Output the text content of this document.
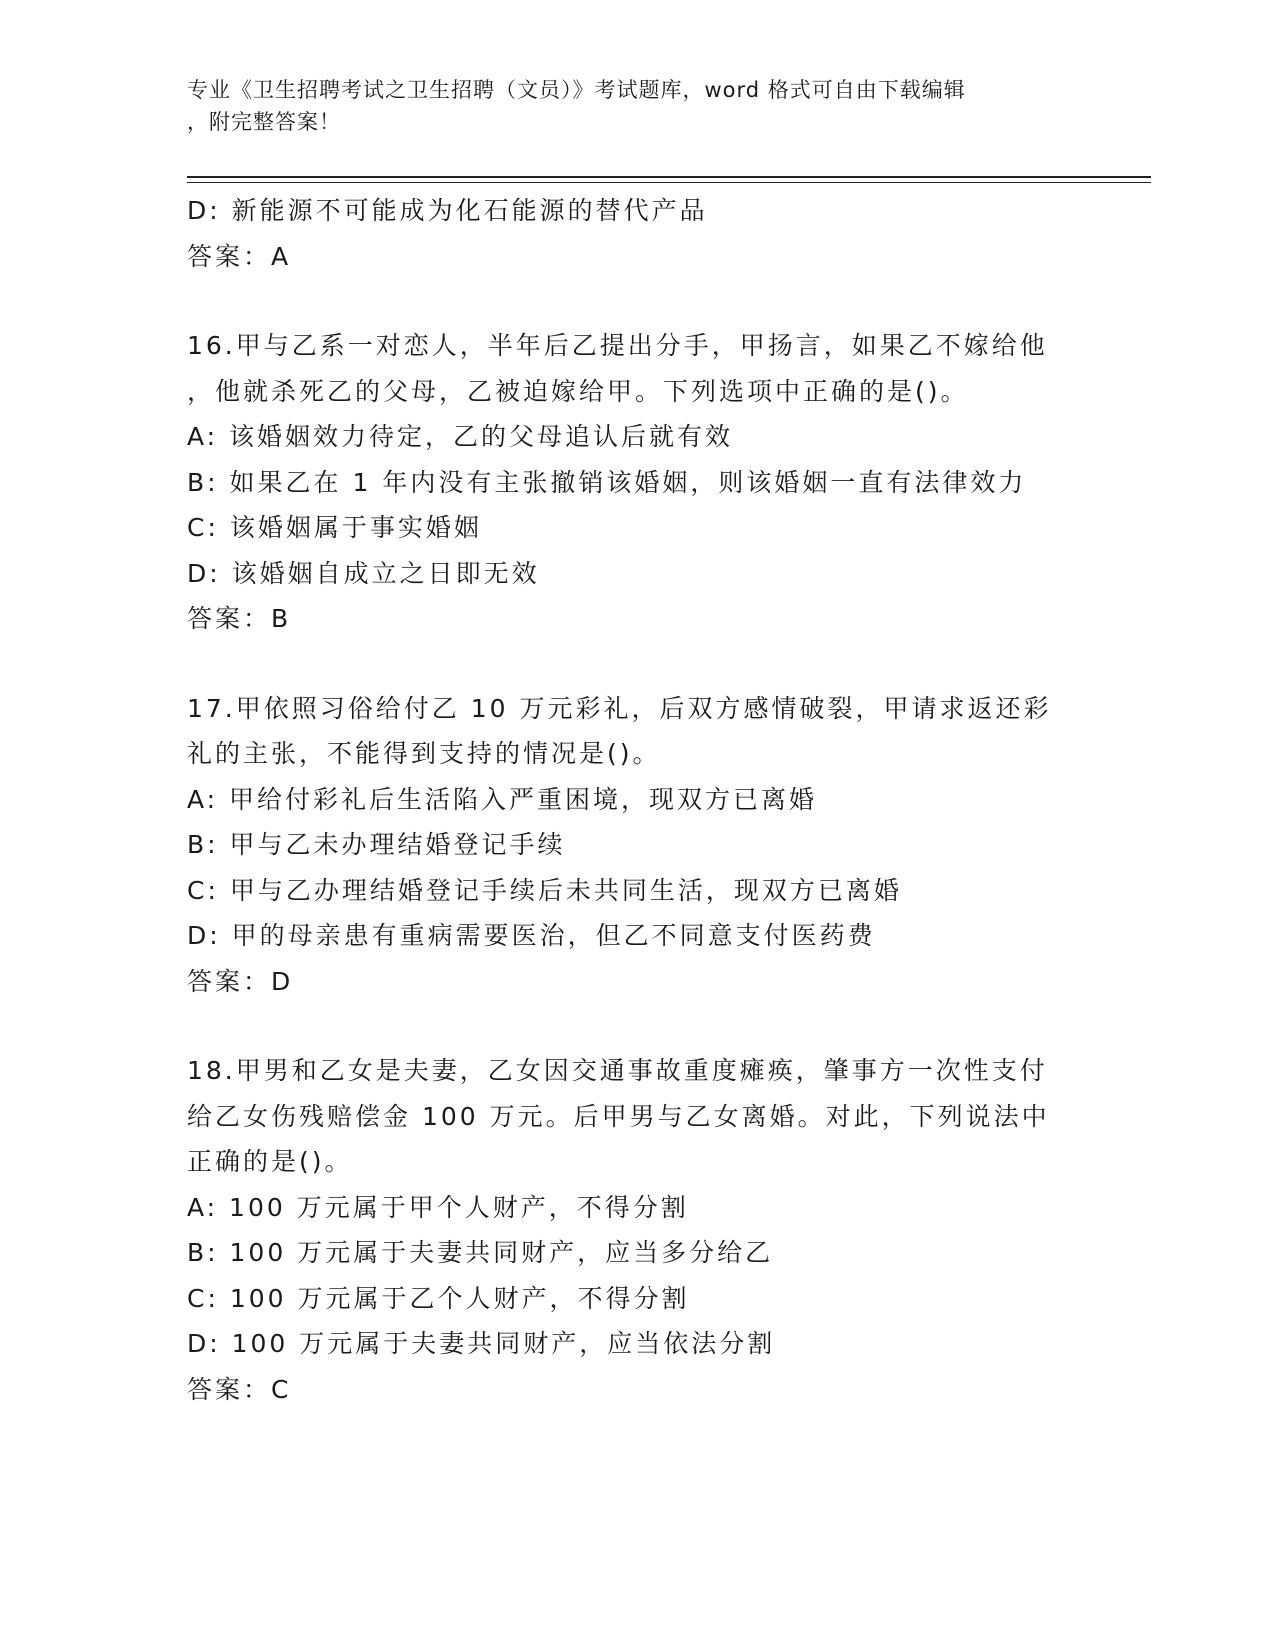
专业《卫生招聘考试之卫生招聘（文员）》考试题库，word 格式可自由下载编辑
，附完整答案！
D: 新能源不可能成为化石能源的替代产品
答案：A
16.甲与乙系一对恋人，半年后乙提出分手，甲扬言，如果乙不嫁给他
，他就杀死乙的父母，乙被迫嫁给甲。下列选项中正确的是()。
A: 该婚姻效力待定，乙的父母追认后就有效
B: 如果乙在 1 年内没有主张撤销该婚姻，则该婚姻一直有法律效力
C: 该婚姻属于事实婚姻
D: 该婚姻自成立之日即无效
答案：B
17.甲依照习俗给付乙 10 万元彩礼，后双方感情破裂，甲请求返还彩
礼的主张，不能得到支持的情况是()。
A: 甲给付彩礼后生活陷入严重困境，现双方已离婚
B: 甲与乙未办理结婚登记手续
C: 甲与乙办理结婚登记手续后未共同生活，现双方已离婚
D: 甲的母亲患有重病需要医治，但乙不同意支付医药费
答案：D
18.甲男和乙女是夫妻，乙女因交通事故重度瘫痪，肇事方一次性支付
给乙女伤残赔偿金 100 万元。后甲男与乙女离婚。对此，下列说法中
正确的是()。
A: 100 万元属于甲个人财产，不得分割
B: 100 万元属于夫妻共同财产，应当多分给乙
C: 100 万元属于乙个人财产，不得分割
D: 100 万元属于夫妻共同财产，应当依法分割
答案：C
